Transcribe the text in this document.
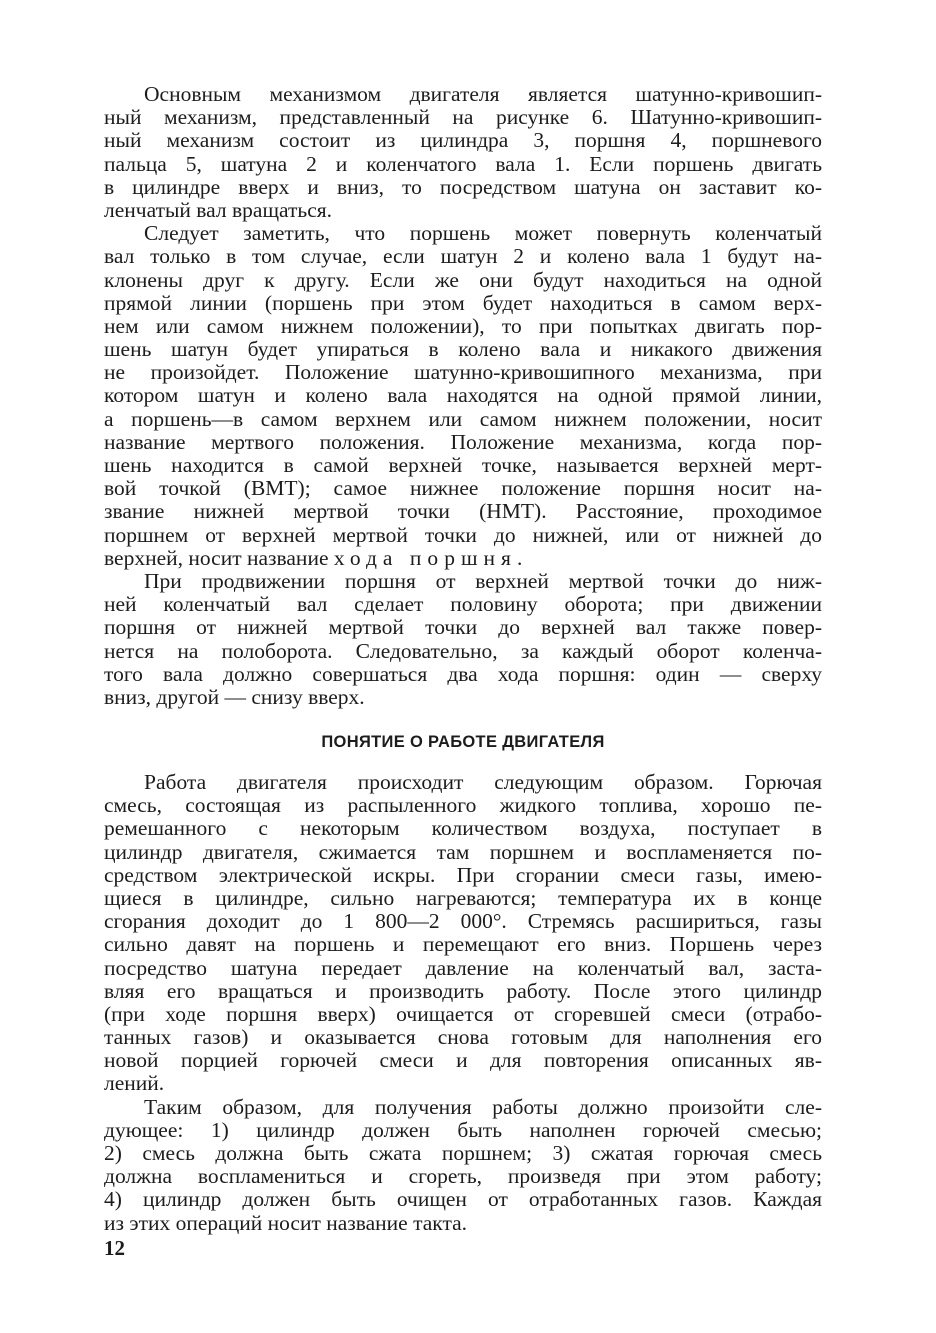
Основным механизмом двигателя является шатунно-кривошип-
ный механизм, представленный на рисунке 6. Шатунно-кривошип-
ный механизм состоит из цилиндра 3, поршня 4, поршневого
пальца 5, шатуна 2 и коленчатого вала 1. Если поршень двигать
в цилиндре вверх и вниз, то посредством шатуна он заставит ко-
ленчатый вал вращаться.
Следует заметить, что поршень может повернуть коленчатый
вал только в том случае, если шатун 2 и колено вала 1 будут на-
клонены друг к другу. Если же они будут находиться на одной
прямой линии (поршень при этом будет находиться в самом верх-
нем или самом нижнем положении), то при попытках двигать пор-
шень шатун будет упираться в колено вала и никакого движения
не произойдет. Положение шатунно-кривошипного механизма, при
котором шатун и колено вала находятся на одной прямой линии,
а поршень—в самом верхнем или самом нижнем положении, носит
название мертвого положения. Положение механизма, когда пор-
шень находится в самой верхней точке, называется верхней мерт-
вой точкой (ВМТ); самое нижнее положение поршня носит на-
звание нижней мертвой точки (НМТ). Расстояние, проходимое
поршнем от верхней мертвой точки до нижней, или от нижней до
верхней, носит название хода поршня.
При продвижении поршня от верхней мертвой точки до ниж-
ней коленчатый вал сделает половину оборота; при движении
поршня от нижней мертвой точки до верхней вал также повер-
нется на полоборота. Следовательно, за каждый оборот коленча-
того вала должно совершаться два хода поршня: один — сверху
вниз, другой — снизу вверх.
ПОНЯТИЕ О РАБОТЕ ДВИГАТЕЛЯ
Работа двигателя происходит следующим образом. Горючая
смесь, состоящая из распыленного жидкого топлива, хорошо пе-
ремешанного с некоторым количеством воздуха, поступает в
цилиндр двигателя, сжимается там поршнем и воспламеняется по-
средством электрической искры. При сгорании смеси газы, имею-
щиеся в цилиндре, сильно нагреваются; температура их в конце
сгорания доходит до 1 800—2 000°. Стремясь расшириться, газы
сильно давят на поршень и перемещают его вниз. Поршень через
посредство шатуна передает давление на коленчатый вал, заста-
вляя его вращаться и производить работу. После этого цилиндр
(при ходе поршня вверх) очищается от сгоревшей смеси (отрабо-
танных газов) и оказывается снова готовым для наполнения его
новой порцией горючей смеси и для повторения описанных яв-
лений.
Таким образом, для получения работы должно произойти сле-
дующее: 1) цилиндр должен быть наполнен горючей смесью;
2) смесь должна быть сжата поршнем; 3) сжатая горючая смесь
должна воспламениться и сгореть, произведя при этом работу;
4) цилиндр должен быть очищен от отработанных газов. Каждая
из этих операций носит название такта.
12
